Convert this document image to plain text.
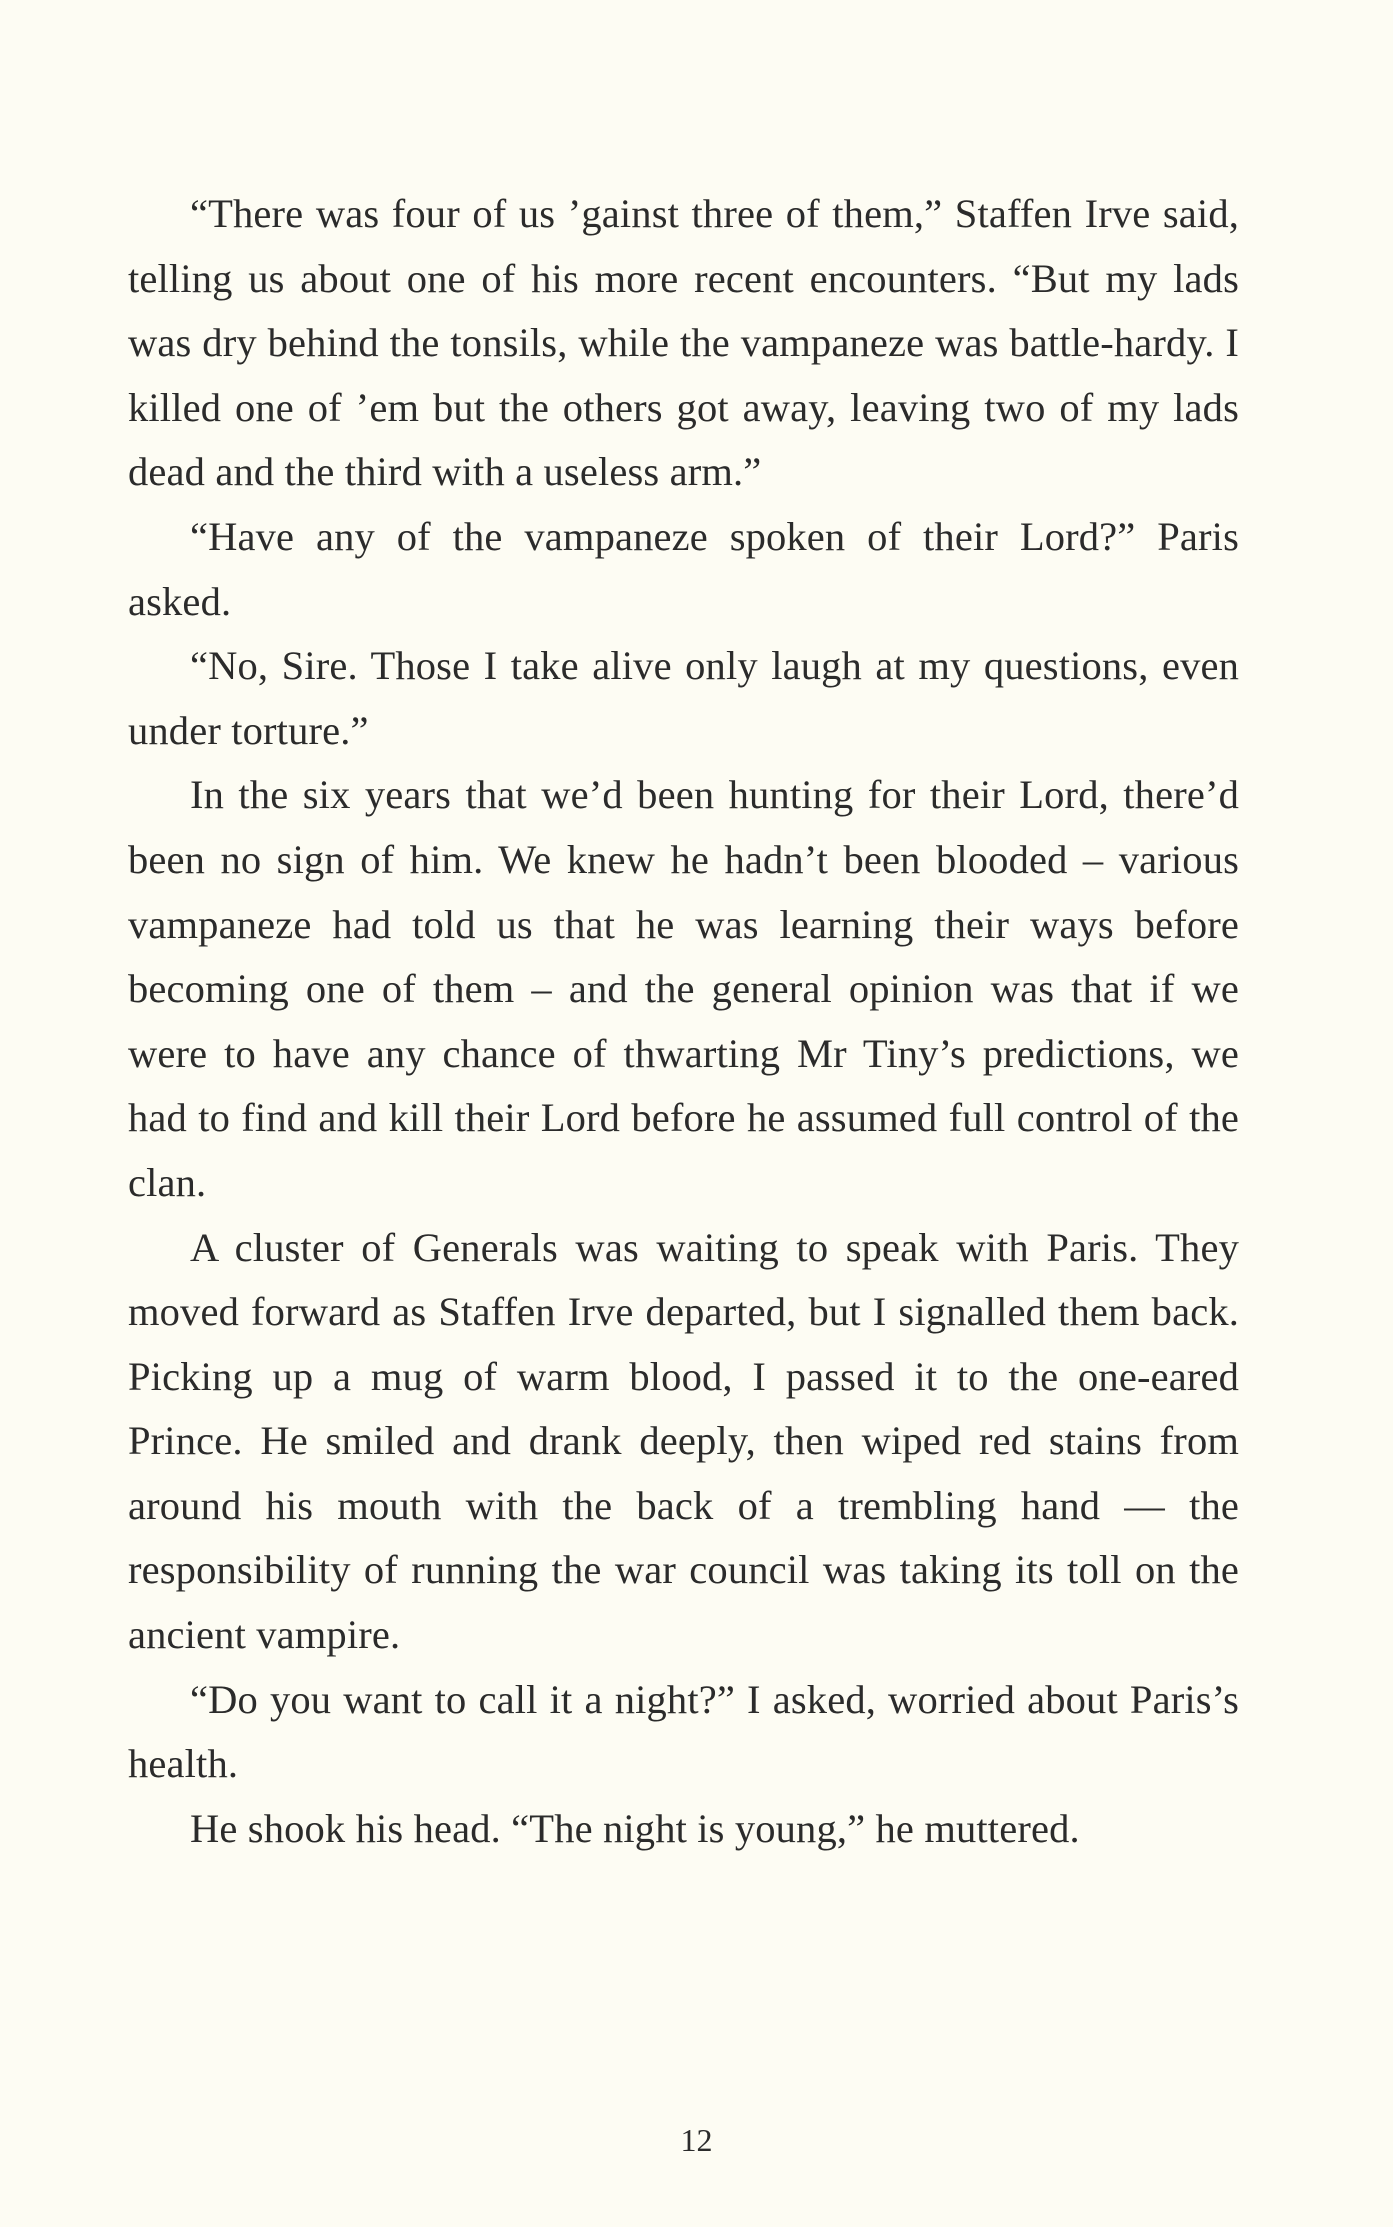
“There was four of us ’gainst three of them,” Staffen Irve said, telling us about one of his more recent encounters. “But my lads was dry behind the tonsils, while the vampaneze was battle-hardy. I killed one of ’em but the others got away, leaving two of my lads dead and the third with a useless arm.”

“Have any of the vampaneze spoken of their Lord?” Paris asked.

“No, Sire. Those I take alive only laugh at my questions, even under torture.”

In the six years that we’d been hunting for their Lord, there’d been no sign of him. We knew he hadn’t been blooded – various vampaneze had told us that he was learning their ways before becoming one of them – and the general opinion was that if we were to have any chance of thwarting Mr Tiny’s predictions, we had to find and kill their Lord before he assumed full control of the clan.

A cluster of Generals was waiting to speak with Paris. They moved forward as Staffen Irve departed, but I signalled them back. Picking up a mug of warm blood, I passed it to the one-eared Prince. He smiled and drank deeply, then wiped red stains from around his mouth with the back of a trembling hand — the responsibility of running the war council was taking its toll on the ancient vampire.

“Do you want to call it a night?” I asked, worried about Paris’s health.

He shook his head. “The night is young,” he muttered.

12
